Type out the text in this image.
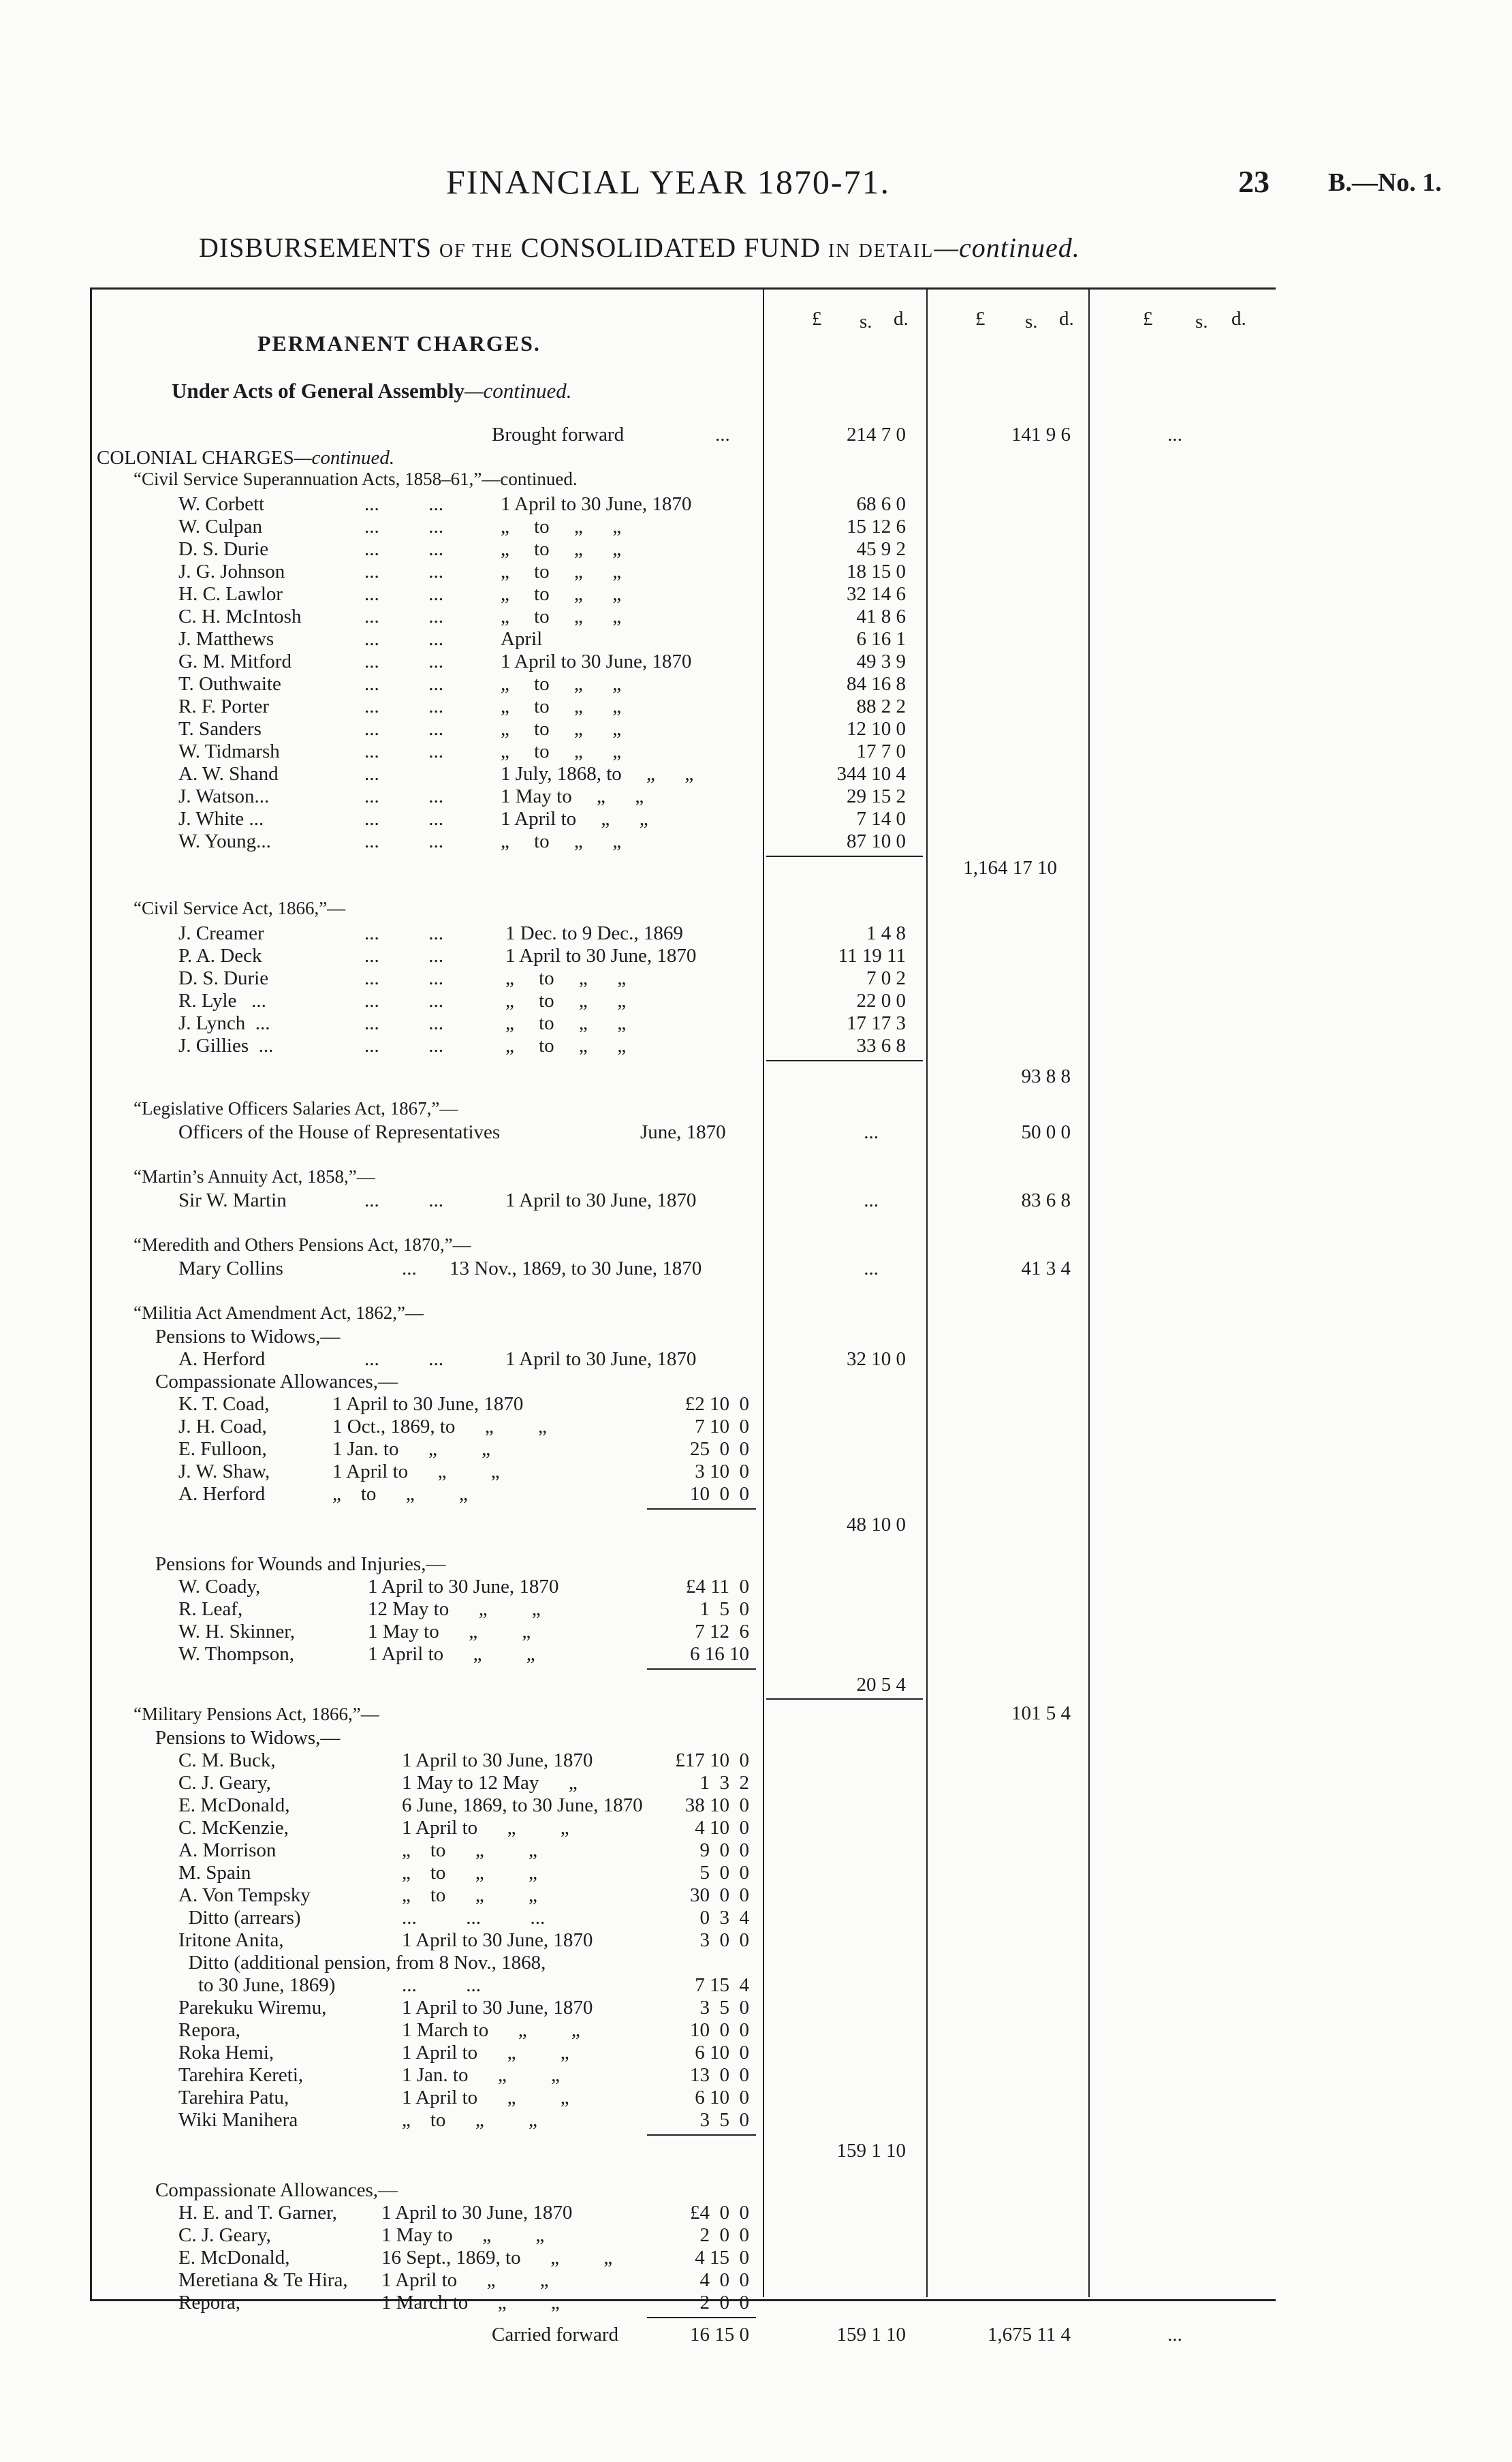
FINANCIAL YEAR 1870-71.	23 B.—No. 1.
DISBURSEMENTS OF THE CONSOLIDATED FUND IN DETAIL—continued.
£ s. d.	£ s. d.	£ s. d.
PERMANENT CHARGES.
Under Acts of General Assembly—continued.
Brought forward	...	214 7 0	141 9 6	...
COLONIAL CHARGES—continued.
“Civil Service Superannuation Acts, 1858–61,”—continued.
W. Corbett	...          ...	1 April to 30 June, 1870	68 6 0
W. Culpan	...          ...	„     to     „      „	15 12 6
D. S. Durie	...          ...	„     to     „      „	45 9 2
J. G. Johnson	...          ...	„     to     „      „	18 15 0
H. C. Lawlor	...          ...	„     to     „      „	32 14 6
C. H. McIntosh	...          ...	„     to     „      „	41 8 6
J. Matthews	...          ...	April	6 16 1
G. M. Mitford	...          ...	1 April to 30 June, 1870	49 3 9
T. Outhwaite	...          ...	„     to     „      „	84 16 8
R. F. Porter	...          ...	„     to     „      „	88 2 2
T. Sanders	...          ...	„     to     „      „	12 10 0
W. Tidmarsh	...          ...	„     to     „      „	17 7 0
A. W. Shand	...	1 July, 1868, to     „      „	344 10 4
J. Watson...	...          ...	1 May to     „      „	29 15 2
J. White ...	...          ...	1 April to     „      „	7 14 0
W. Young...	...          ...	„     to     „      „	87 10 0
1,164 17 10
“Civil Service Act, 1866,”—
J. Creamer	...          ...	1 Dec. to 9 Dec., 1869	1 4 8
P. A. Deck	...          ...	1 April to 30 June, 1870	11 19 11
D. S. Durie	...          ...	„     to     „      „	7 0 2
R. Lyle   ...	...          ...	„     to     „      „	22 0 0
J. Lynch  ...	...          ...	„     to     „      „	17 17 3
J. Gillies  ...	...          ...	„     to     „      „	33 6 8
93 8 8
“Legislative Officers Salaries Act, 1867,”—
Officers of the House of Representatives	June, 1870	...	50 0 0
“Martin’s Annuity Act, 1858,”—
Sir W. Martin	...          ...	1 April to 30 June, 1870	...	83 6 8
“Meredith and Others Pensions Act, 1870,”—
Mary Collins	... 13 Nov., 1869, to 30 June, 1870	...	41 3 4
“Militia Act Amendment Act, 1862,”—
Pensions to Widows,—
A. Herford	...          ...	1 April to 30 June, 1870	32 10 0
Compassionate Allowances,—
K. T. Coad,	1 April to 30 June, 1870	£2 10  0
J. H. Coad,	1 Oct., 1869, to      „         „	7 10  0
E. Fulloon,	1 Jan. to      „         „	25  0  0
J. W. Shaw,	1 April to      „         „	3 10  0
A. Herford	„    to      „         „	10  0  0
48 10 0
Pensions for Wounds and Injuries,—
W. Coady,	1 April to 30 June, 1870	£4 11  0
R. Leaf,	12 May to      „         „	1  5  0
W. H. Skinner,	1 May to      „         „	7 12  6
W. Thompson,	1 April to      „         „	6 16 10
20 5 4
101 5 4
“Military Pensions Act, 1866,”—
Pensions to Widows,—
C. M. Buck,	1 April to 30 June, 1870	£17 10  0
C. J. Geary,	1 May to 12 May      „	1  3  2
E. McDonald,	6 June, 1869, to 30 June, 1870	38 10  0
C. McKenzie,	1 April to      „         „	4 10  0
A. Morrison	„    to      „         „	9  0  0
M. Spain	„    to      „         „	5  0  0
A. Von Tempsky	„    to      „         „	30  0  0
Ditto (arrears)	...          ...          ...	0  3  4
Iritone Anita,	1 April to 30 June, 1870	3  0  0
Ditto (additional pension, from 8 Nov., 1868,
to 30 June, 1869)	...          ...	7 15  4
Parekuku Wiremu,	1 April to 30 June, 1870	3  5  0
Repora,	1 March to      „         „	10  0  0
Roka Hemi,	1 April to      „         „	6 10  0
Tarehira Kereti,	1 Jan. to      „         „	13  0  0
Tarehira Patu,	1 April to      „         „	6 10  0
Wiki Manihera	„    to      „         „	3  5  0
159 1 10
Compassionate Allowances,—
H. E. and T. Garner, 1 April to 30 June, 1870	£4  0  0
C. J. Geary,	1 May to      „         „	2  0  0
E. McDonald,	16 Sept., 1869, to      „         „	4 15  0
Meretiana & Te Hira, 1 April to      „         „	4  0  0
Repora,	1 March to      „         „	2  0  0
Carried forward	16 15 0	159 1 10	1,675 11 4	...
